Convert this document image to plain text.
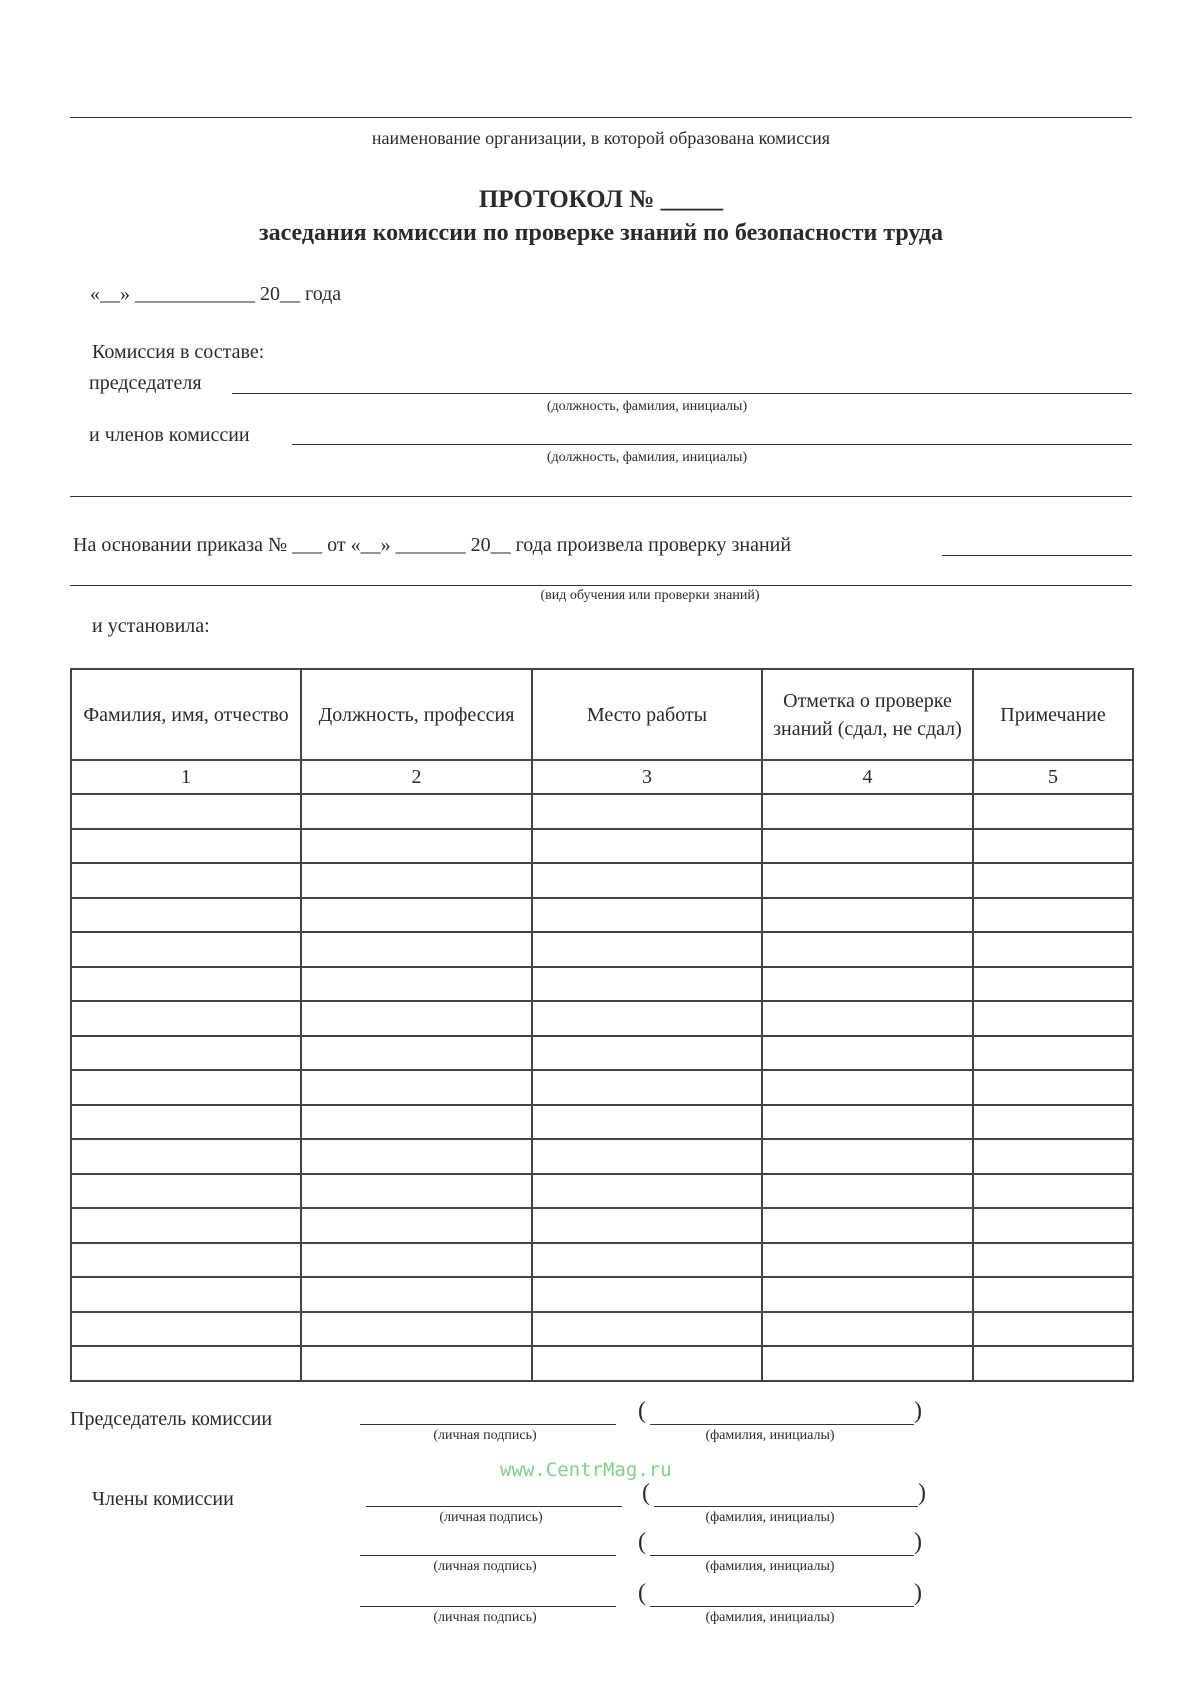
наименование организации, в которой образована комиссия
ПРОТОКОЛ № _____
заседания комиссии по проверке знаний по безопасности труда
«__» ____________ 20__ года
Комиссия в составе:
председателя
(должность, фамилия, инициалы)
и членов комиссии
(должность, фамилия, инициалы)
На основании приказа № ___ от «__» _______ 20__ года произвела проверку знаний
(вид обучения или проверки знаний)
и установила:
Фамилия, имя, отчество	Должность, профессия	Место работы	Отметка о проверке знаний (сдал, не сдал)	Примечание
1	2	3	4	5

Председатель комиссии
Члены комиссии
www.CentrMag.ru
(личная подпись)
(	)
(фамилия, инициалы)
(личная подпись)
(	)
(фамилия, инициалы)
(личная подпись)
(	)
(фамилия, инициалы)
(личная подпись)
(	)
(фамилия, инициалы)
